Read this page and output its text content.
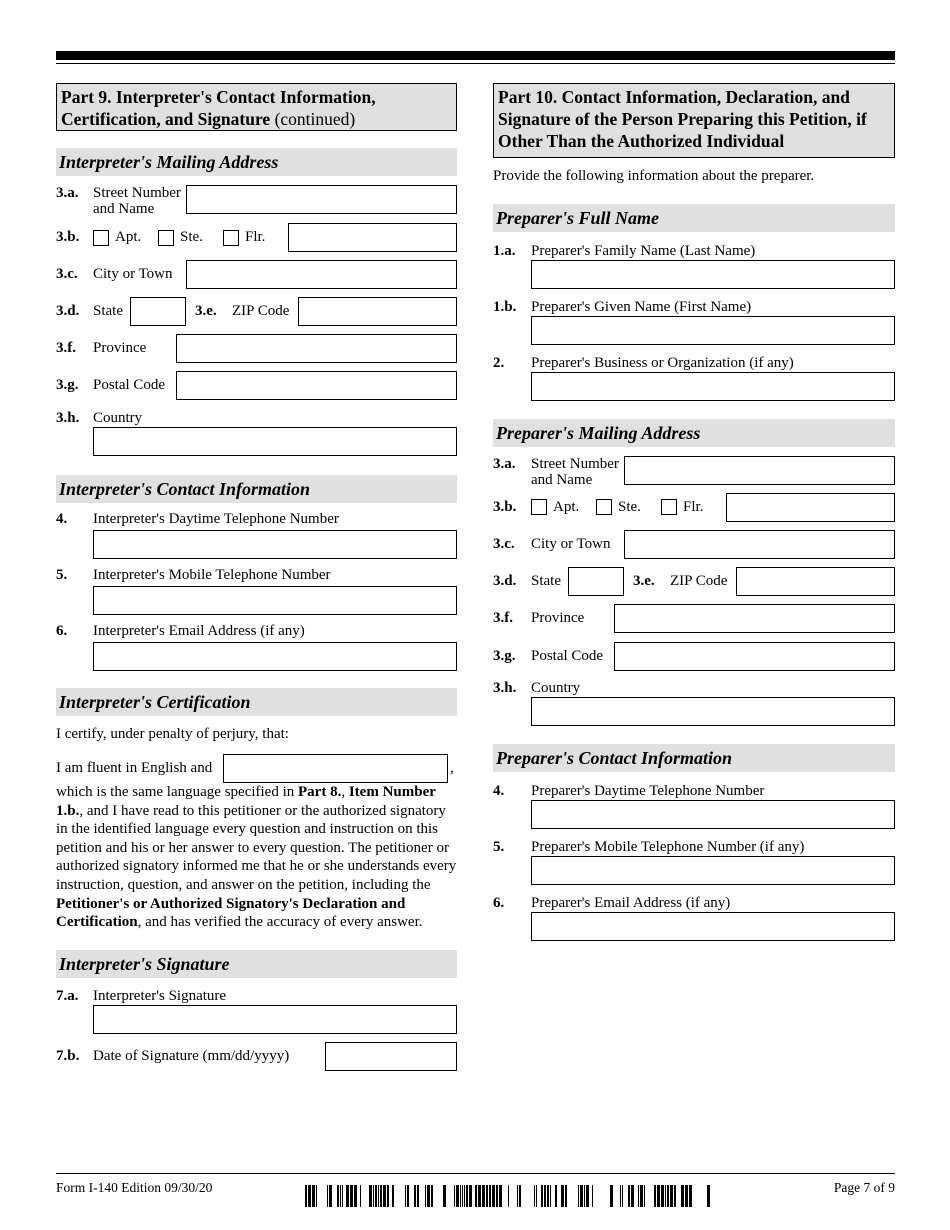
Part 9. Interpreter's Contact Information, Certification, and Signature (continued)
Interpreter's Mailing Address
3.a. Street Number
and Name
3.b. Apt.	Ste.	Flr.
3.c. City or Town
3.d. State	3.e. ZIP Code
3.f. Province
3.g. Postal Code
3.h. Country
Interpreter's Contact Information
4. Interpreter's Daytime Telephone Number
5. Interpreter's Mobile Telephone Number
6. Interpreter's Email Address (if any)
Interpreter's Certification
I certify, under penalty of perjury, that:
I am fluent in English and	,
which is the same language specified in Part 8., Item Number 1.b., and I have read to this petitioner or the authorized signatory in the identified language every question and instruction on this petition and his or her answer to every question. The petitioner or authorized signatory informed me that he or she understands every instruction, question, and answer on the petition, including the Petitioner's or Authorized Signatory's Declaration and Certification, and has verified the accuracy of every answer.
Interpreter's Signature
7.a. Interpreter's Signature
7.b. Date of Signature (mm/dd/yyyy)
Part 10. Contact Information, Declaration, and Signature of the Person Preparing this Petition, if Other Than the Authorized Individual
Provide the following information about the preparer.
Preparer's Full Name
1.a. Preparer's Family Name (Last Name)
1.b. Preparer's Given Name (First Name)
2. Preparer's Business or Organization (if any)
Preparer's Mailing Address
3.a. Street Number
and Name
3.b. Apt.	Ste.	Flr.
3.c. City or Town
3.d. State	3.e. ZIP Code
3.f. Province
3.g. Postal Code
3.h. Country
Preparer's Contact Information
4. Preparer's Daytime Telephone Number
5. Preparer's Mobile Telephone Number (if any)
6. Preparer's Email Address (if any)
Form I-140 Edition 09/30/20	Page 7 of 9
